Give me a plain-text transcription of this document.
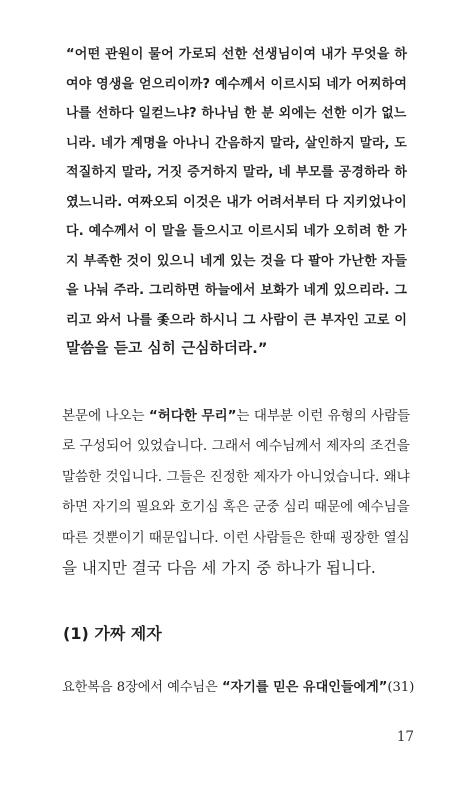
“어떤 관원이 물어 가로되 선한 선생님이여 내가 무엇을 하
여야 영생을 얻으리이까? 예수께서 이르시되 네가 어찌하여
나를 선하다 일컫느냐? 하나님 한 분 외에는 선한 이가 없느
니라. 네가 계명을 아나니 간음하지 말라, 살인하지 말라, 도
적질하지 말라, 거짓 증거하지 말라, 네 부모를 공경하라 하
였느니라. 여짜오되 이것은 내가 어려서부터 다 지키었나이
다. 예수께서 이 말을 들으시고 이르시되 네가 오히려 한 가
지 부족한 것이 있으니 네게 있는 것을 다 팔아 가난한 자들
을 나눠 주라. 그리하면 하늘에서 보화가 네게 있으리라. 그
리고 와서 나를 좇으라 하시니 그 사람이 큰 부자인 고로 이
말씀을 듣고 심히 근심하더라.”
본문에 나오는 “허다한 무리”는 대부분 이런 유형의 사람들
로 구성되어 있었습니다. 그래서 예수님께서 제자의 조건을
말씀한 것입니다. 그들은 진정한 제자가 아니었습니다. 왜냐
하면 자기의 필요와 호기심 혹은 군중 심리 때문에 예수님을
따른 것뿐이기 때문입니다. 이런 사람들은 한때 굉장한 열심
을 내지만 결국 다음 세 가지 중 하나가 됩니다.
(1) 가짜 제자
요한복음 8장에서 예수님은 “자기를 믿은 유대인들에게”(31)
17
